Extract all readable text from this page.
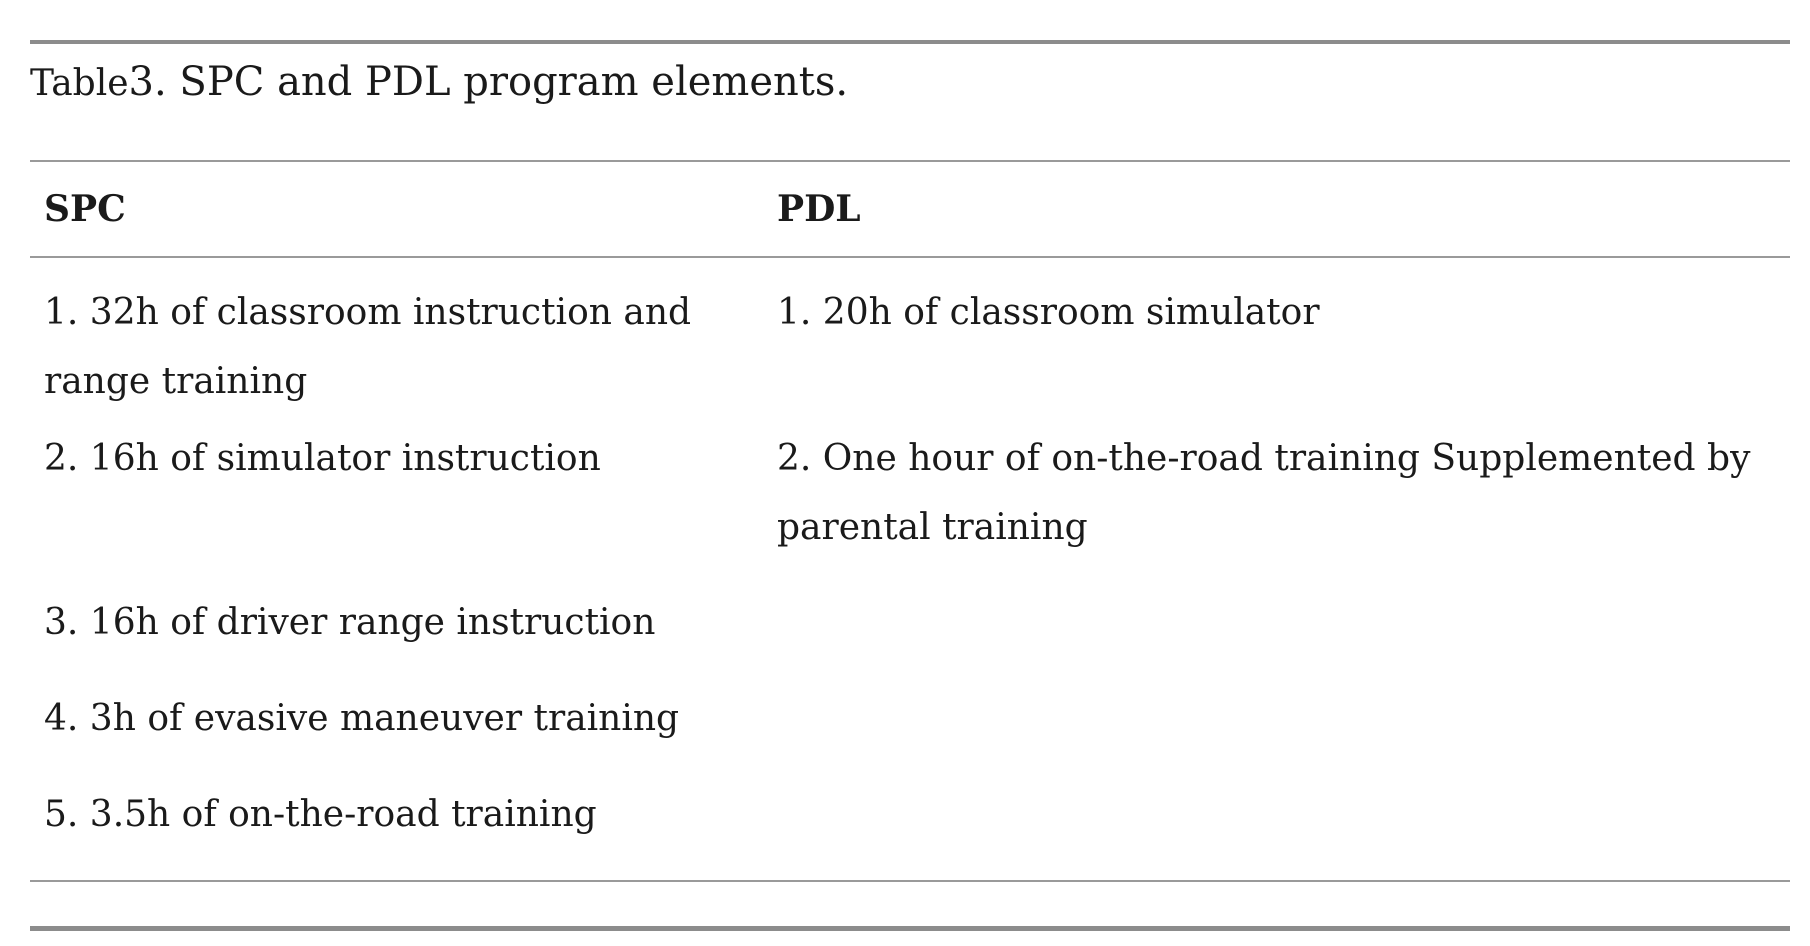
Table 3 . SPC and PDL program elements.
SPC	PDL
1. 32h of classroom instruction and range training
1. 20h of classroom simulator
2. 16h of simulator instruction	2. One hour of on-the-road training Supplemented by parental training
3. 16h of driver range instruction
4. 3h of evasive maneuver training
5. 3.5h of on-the-road training
